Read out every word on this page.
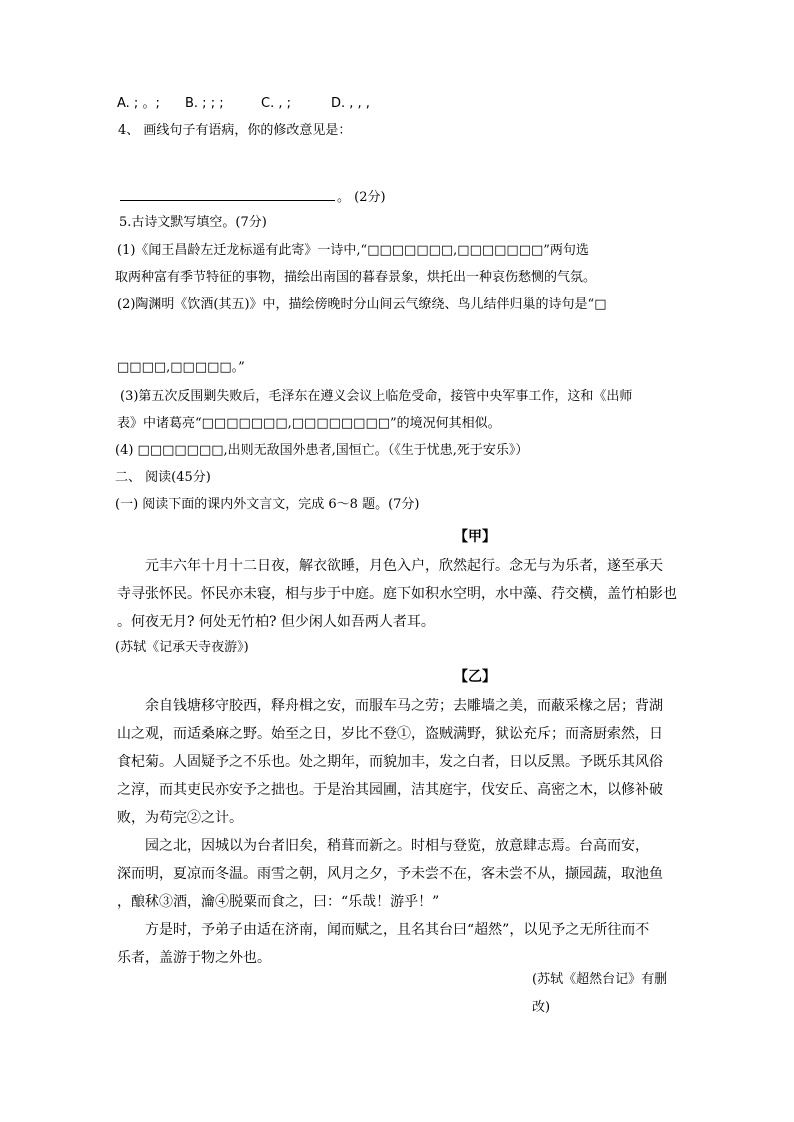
A. ; 。; B. ; ; ;	C. , ;	D. , , ,
4、 画线句子有语病，你的修改意见是：
。 (2分)
5.古诗文默写填空。(7分)
(1)《闻王昌龄左迁龙标遥有此寄》一诗中,“□□□□□□□,□□□□□□□”两句选
取两种富有季节特征的事物，描绘出南国的暮春景象，烘托出一种哀伤愁恻的气氛。
(2)陶渊明《饮酒(其五)》中，描绘傍晚时分山间云气缭绕、鸟儿结伴归巢的诗句是“□
□□□□,□□□□□。”
(3)第五次反围剿失败后，毛泽东在遵义会议上临危受命，接管中央军事工作，这和《出师
表》中诸葛亮“□□□□□□□,□□□□□□□□”的境况何其相似。
(4) □□□□□□□,出则无敌国外患者,国恒亡。（《生于忧患,死于安乐》）
二、 阅读(45分)
(一) 阅读下面的课内外文言文，完成 6～8 题。(7分)
【甲】
元丰六年十月十二日夜，解衣欲睡，月色入户，欣然起行。念无与为乐者，遂至承天
寺寻张怀民。怀民亦未寝，相与步于中庭。庭下如积水空明，水中藻、荇交横，盖竹柏影也
。何夜无月? 何处无竹柏? 但少闲人如吾两人者耳。
(苏轼《记承天寺夜游》)
【乙】
余自钱塘移守胶西，释舟楫之安，而服车马之劳；去雕墙之美，而蔽采椽之居；背湖
山之观，而适桑麻之野。始至之日，岁比不登①，盗贼满野，狱讼充斥；而斋厨索然，日
食杞菊。人固疑予之不乐也。处之期年，而貌加丰，发之白者，日以反黑。予既乐其风俗
之淳，而其吏民亦安予之拙也。于是治其园圃，洁其庭宇，伐安丘、高密之木，以修补破
败，为苟完②之计。
园之北，因城以为台者旧矣，稍葺而新之。时相与登览，放意肆志焉。台高而安，
深而明，夏凉而冬温。雨雪之朝，风月之夕，予未尝不在，客未尝不从，撷园蔬，取池鱼
，酿秫③酒，瀹④脱粟而食之，曰：“乐哉！游乎！”
方是时，予弟子由适在济南，闻而赋之，且名其台曰“超然”，以见予之无所往而不
乐者，盖游于物之外也。
(苏轼《超然台记》有删
改)
